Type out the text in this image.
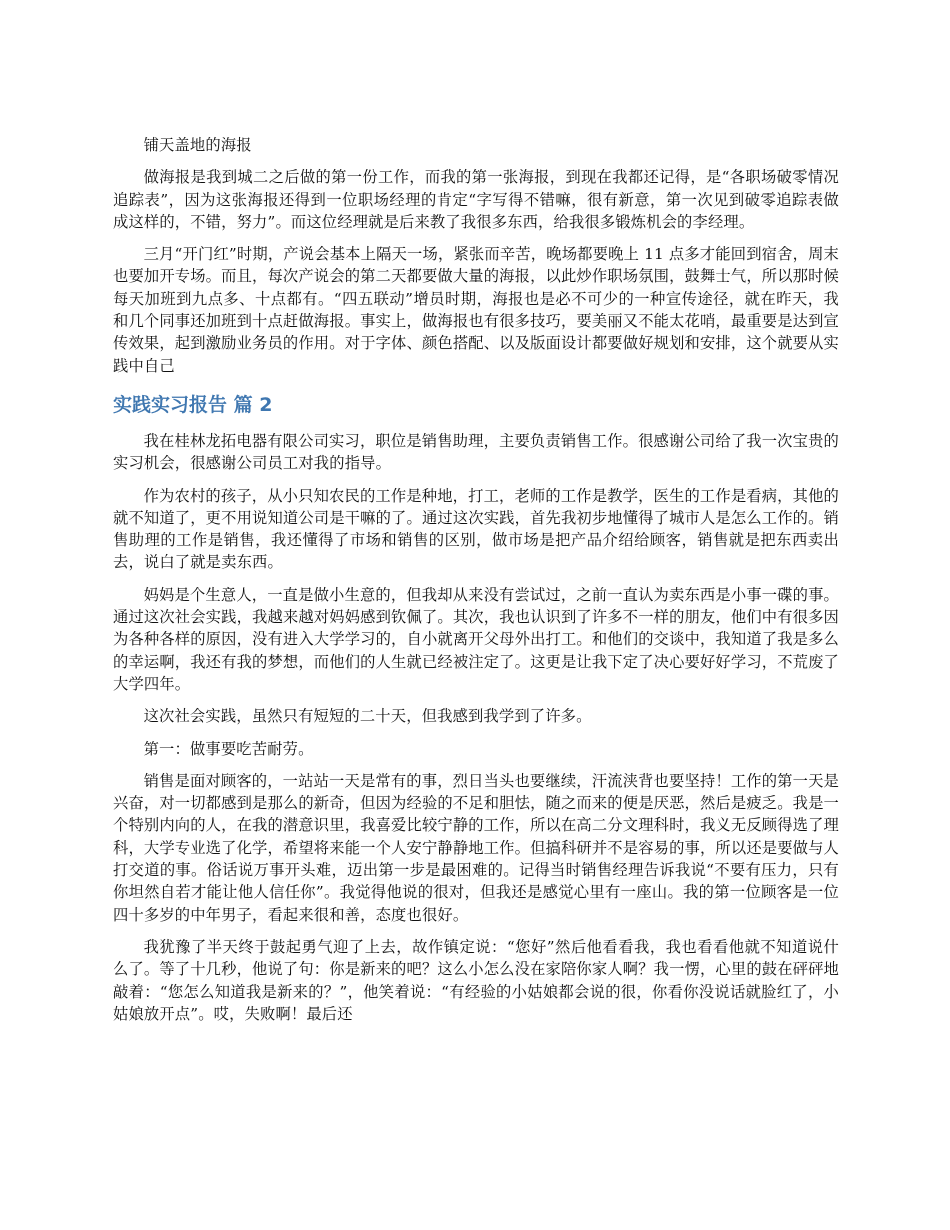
铺天盖地的海报

做海报是我到城二之后做的第一份工作，而我的第一张海报，到现在我都还记得，是“各职场破零情况追踪表”，因为这张海报还得到一位职场经理的肯定“字写得不错嘛，很有新意，第一次见到破零追踪表做成这样的，不错，努力”。而这位经理就是后来教了我很多东西，给我很多锻炼机会的李经理。

三月“开门红”时期，产说会基本上隔天一场，紧张而辛苦，晚场都要晚上 11 点多才能回到宿舍，周末也要加开专场。而且，每次产说会的第二天都要做大量的海报，以此炒作职场氛围，鼓舞士气，所以那时候每天加班到九点多、十点都有。“四五联动”增员时期，海报也是必不可少的一种宣传途径，就在昨天，我和几个同事还加班到十点赶做海报。事实上，做海报也有很多技巧，要美丽又不能太花哨，最重要是达到宣传效果，起到激励业务员的作用。对于字体、颜色搭配、以及版面设计都要做好规划和安排，这个就要从实践中自己

实践实习报告 篇 2

我在桂林龙拓电器有限公司实习，职位是销售助理，主要负责销售工作。很感谢公司给了我一次宝贵的实习机会，很感谢公司员工对我的指导。

作为农村的孩子，从小只知农民的工作是种地，打工，老师的工作是教学，医生的工作是看病，其他的就不知道了，更不用说知道公司是干嘛的了。通过这次实践，首先我初步地懂得了城市人是怎么工作的。销售助理的工作是销售，我还懂得了市场和销售的区别，做市场是把产品介绍给顾客，销售就是把东西卖出去，说白了就是卖东西。

妈妈是个生意人，一直是做小生意的，但我却从来没有尝试过，之前一直认为卖东西是小事一碟的事。通过这次社会实践，我越来越对妈妈感到钦佩了。其次，我也认识到了许多不一样的朋友，他们中有很多因为各种各样的原因，没有进入大学学习的，自小就离开父母外出打工。和他们的交谈中，我知道了我是多么的幸运啊，我还有我的梦想，而他们的人生就已经被注定了。这更是让我下定了决心要好好学习，不荒废了大学四年。

这次社会实践，虽然只有短短的二十天，但我感到我学到了许多。

第一：做事要吃苦耐劳。

销售是面对顾客的，一站站一天是常有的事，烈日当头也要继续，汗流浃背也要坚持！工作的第一天是兴奋，对一切都感到是那么的新奇，但因为经验的不足和胆怯，随之而来的便是厌恶，然后是疲乏。我是一个特别内向的人，在我的潜意识里，我喜爱比较宁静的工作，所以在高二分文理科时，我义无反顾得选了理科，大学专业选了化学，希望将来能一个人安宁静静地工作。但搞科研并不是容易的事，所以还是要做与人打交道的事。俗话说万事开头难，迈出第一步是最困难的。记得当时销售经理告诉我说“不要有压力，只有你坦然自若才能让他人信任你”。我觉得他说的很对，但我还是感觉心里有一座山。我的第一位顾客是一位四十多岁的中年男子，看起来很和善，态度也很好。

我犹豫了半天终于鼓起勇气迎了上去，故作镇定说：“您好”然后他看看我，我也看看他就不知道说什么了。等了十几秒，他说了句：你是新来的吧？这么小怎么没在家陪你家人啊？我一愣，心里的鼓在砰砰地敲着：“您怎么知道我是新来的？”，他笑着说：“有经验的小姑娘都会说的很，你看你没说话就脸红了，小姑娘放开点”。哎，失败啊！最后还
